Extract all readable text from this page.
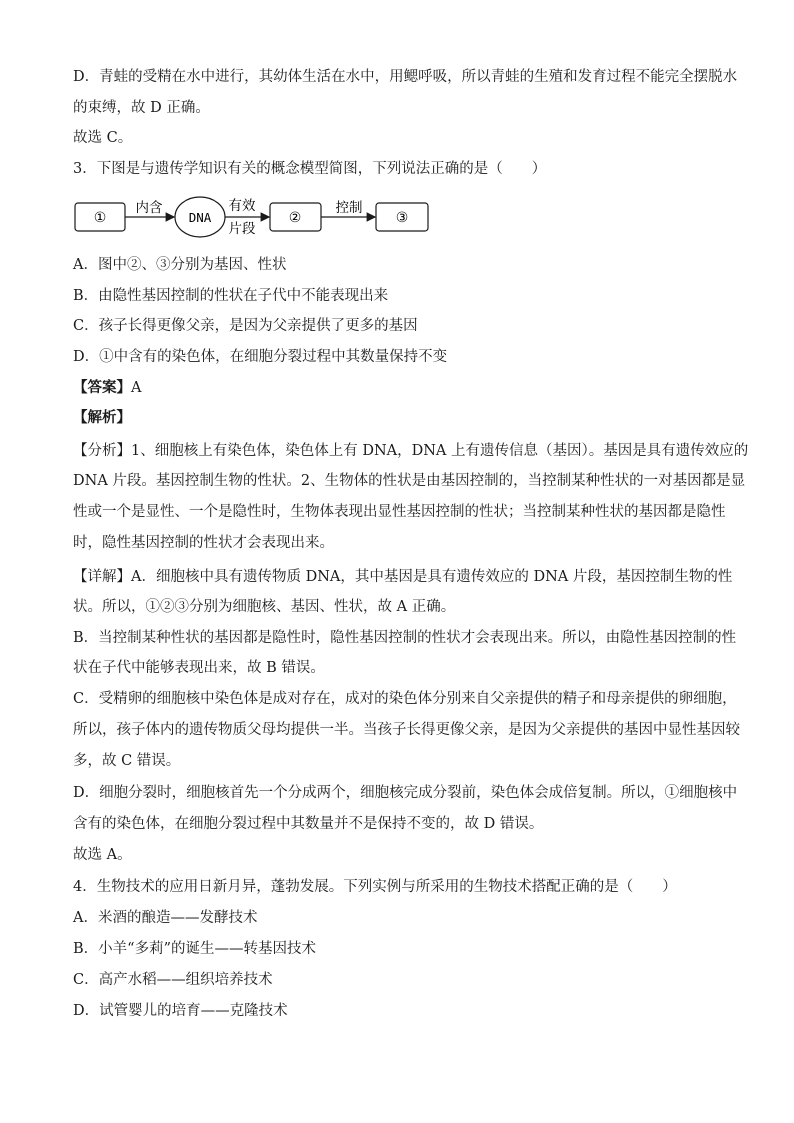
D．青蛙的受精在水中进行，其幼体生活在水中，用鳃呼吸，所以青蛙的生殖和发育过程不能完全摆脱水
的束缚，故 D 正确。
故选 C。
3．下图是与遗传学知识有关的概念模型简图，下列说法正确的是（　　）
①
内含
DNA
有效
片段
②
控制
③
A．图中②、③分别为基因、性状
B．由隐性基因控制的性状在子代中不能表现出来
C．孩子长得更像父亲，是因为父亲提供了更多的基因
D．①中含有的染色体，在细胞分裂过程中其数量保持不变
【答案】A
【解析】
【分析】1、细胞核上有染色体，染色体上有 DNA，DNA 上有遗传信息（基因）。基因是具有遗传效应的
DNA 片段。基因控制生物的性状。2、生物体的性状是由基因控制的，当控制某种性状的一对基因都是显
性或一个是显性、一个是隐性时，生物体表现出显性基因控制的性状；当控制某种性状的基因都是隐性
时，隐性基因控制的性状才会表现出来。
【详解】A．细胞核中具有遗传物质 DNA，其中基因是具有遗传效应的 DNA 片段，基因控制生物的性
状。所以，①②③分别为细胞核、基因、性状，故 A 正确。
B．当控制某种性状的基因都是隐性时，隐性基因控制的性状才会表现出来。所以，由隐性基因控制的性
状在子代中能够表现出来，故 B 错误。
C．受精卵的细胞核中染色体是成对存在，成对的染色体分别来自父亲提供的精子和母亲提供的卵细胞，
所以，孩子体内的遗传物质父母均提供一半。当孩子长得更像父亲，是因为父亲提供的基因中显性基因较
多，故 C 错误。
D．细胞分裂时，细胞核首先一个分成两个，细胞核完成分裂前，染色体会成倍复制。所以，①细胞核中
含有的染色体，在细胞分裂过程中其数量并不是保持不变的，故 D 错误。
故选 A。
4．生物技术的应用日新月异，蓬勃发展。下列实例与所采用的生物技术搭配正确的是（　　）
A．米酒的酿造——发酵技术
B．小羊“多莉”的诞生——转基因技术
C．高产水稻——组织培养技术
D．试管婴儿的培育——克隆技术
